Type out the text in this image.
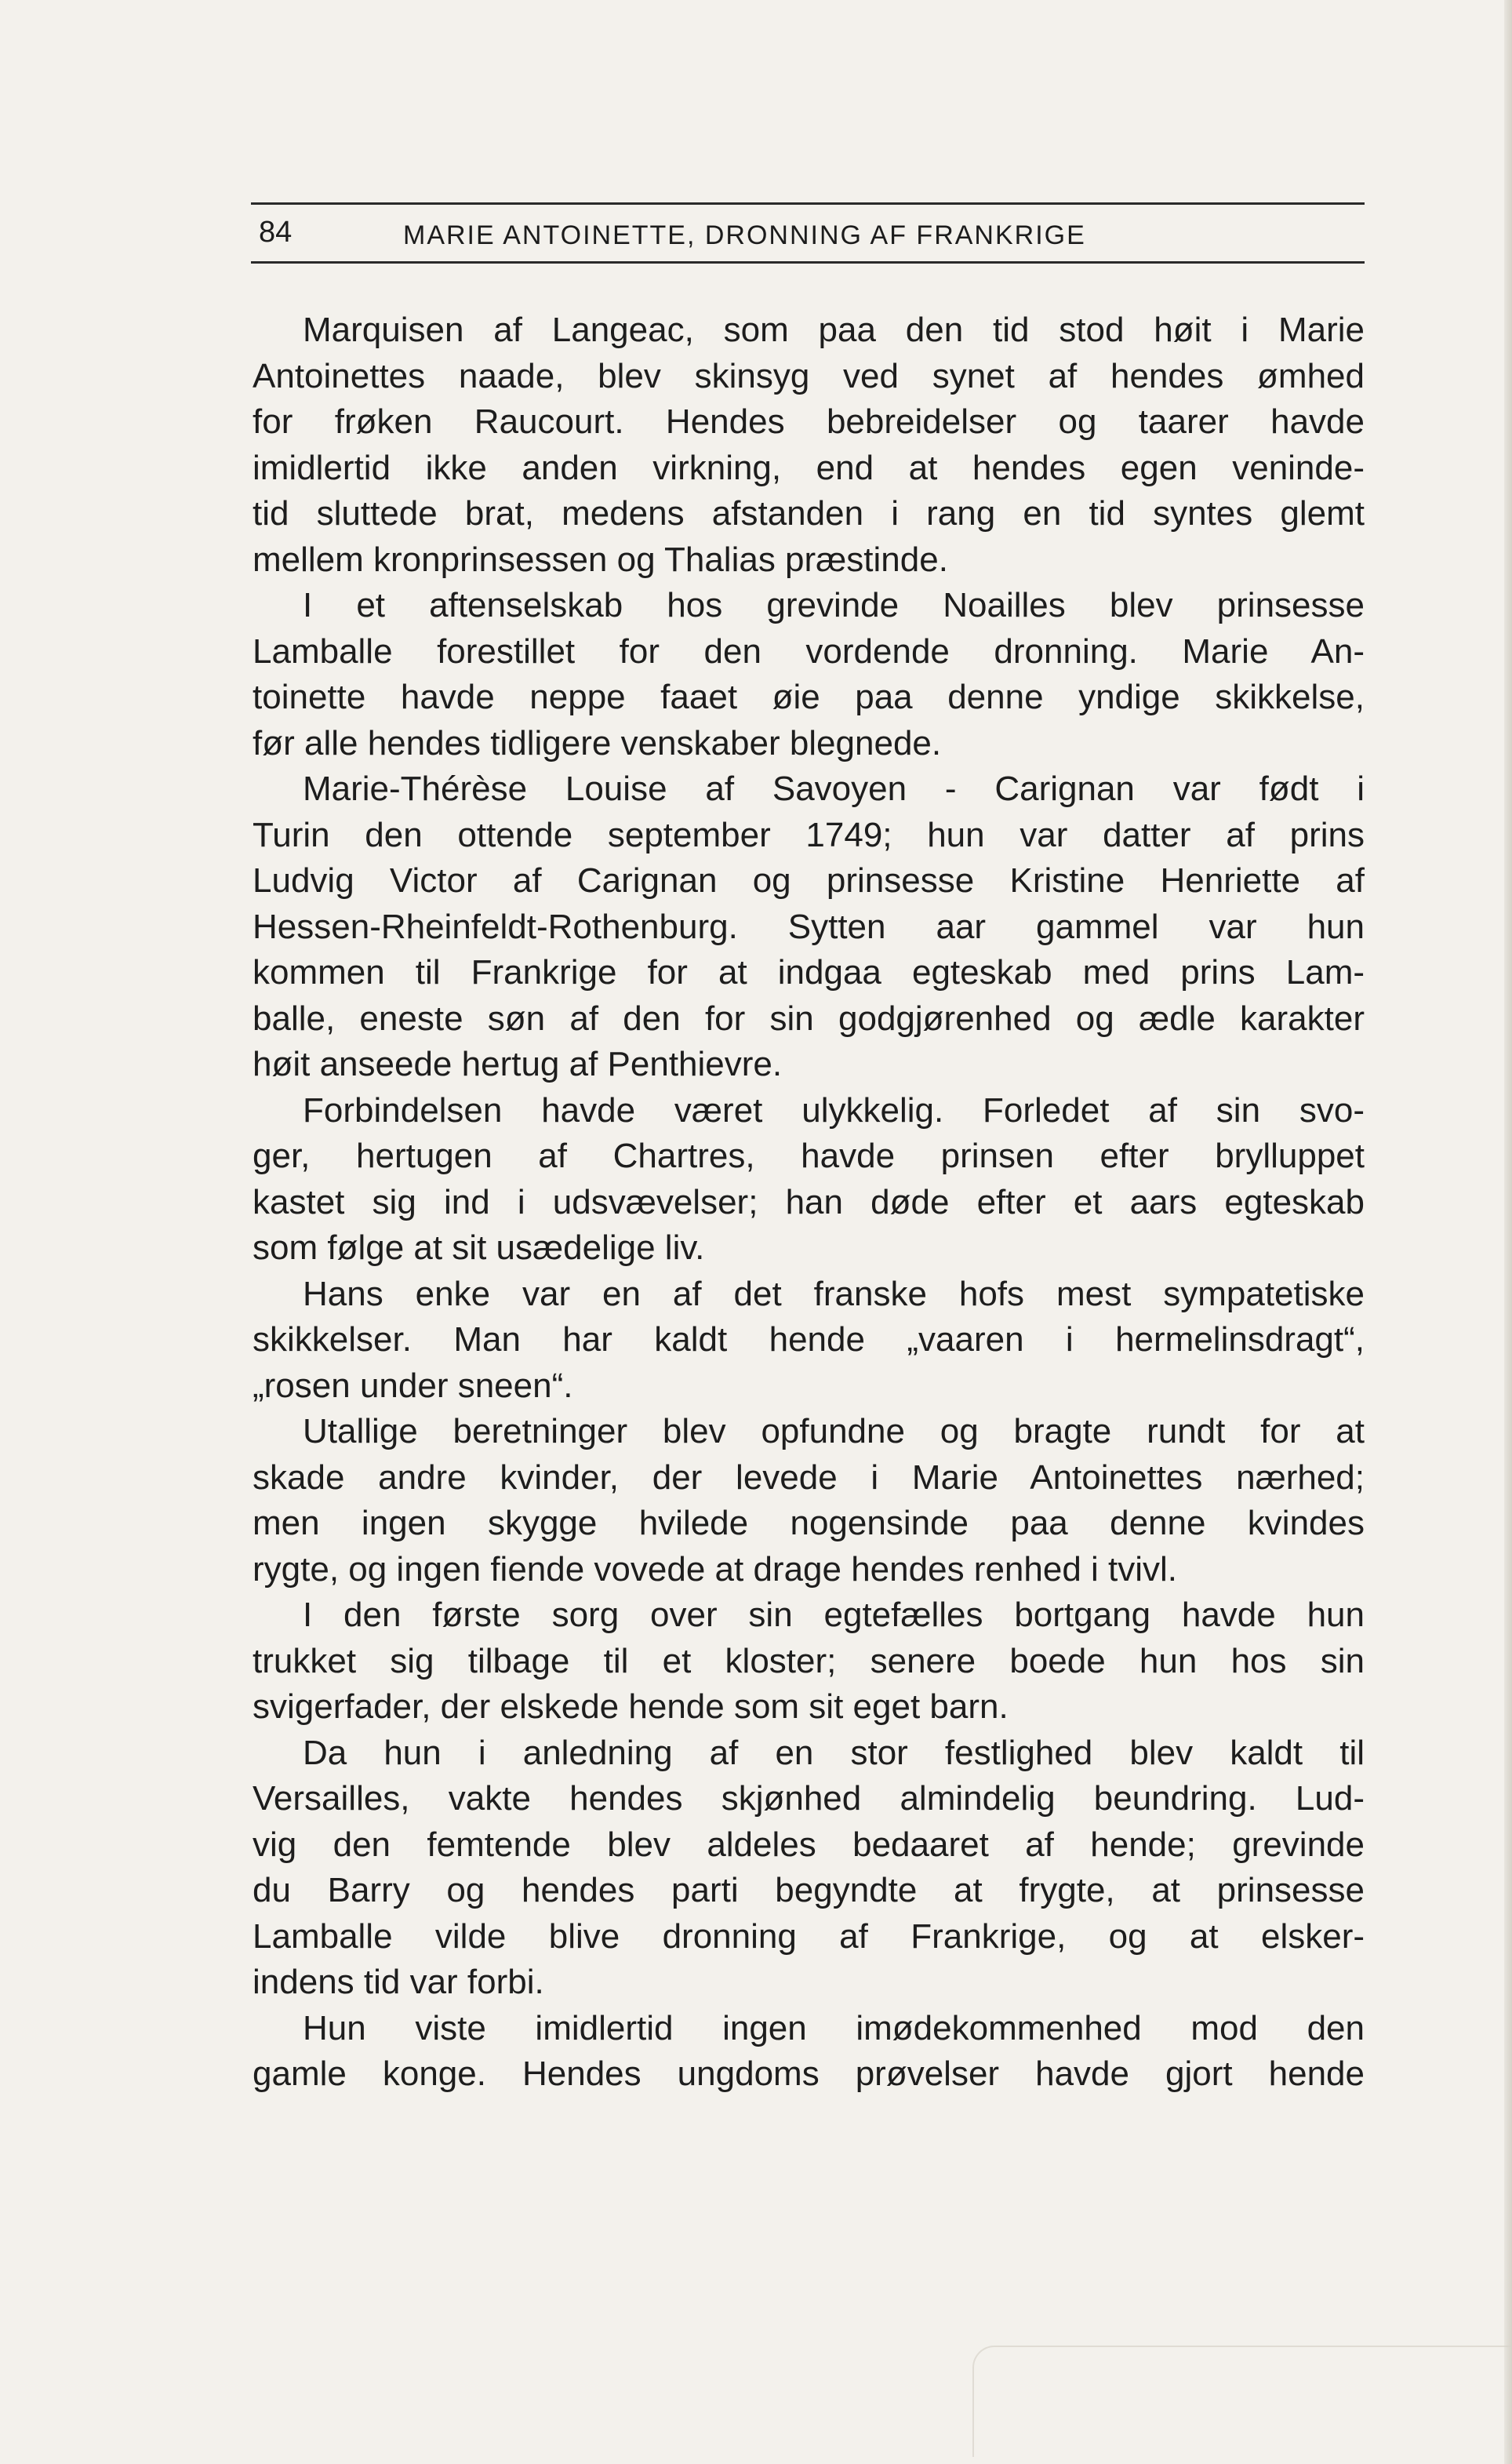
84	MARIE ANTOINETTE, DRONNING AF FRANKRIGE
Marquisen af Langeac, som paa den tid stod høit i Marie
Antoinettes naade, blev skinsyg ved synet af hendes ømhed
for frøken Raucourt. Hendes bebreidelser og taarer havde
imidlertid ikke anden virkning, end at hendes egen veninde-
tid sluttede brat, medens afstanden i rang en tid syntes glemt
mellem kronprinsessen og Thalias præstinde.
I et aftenselskab hos grevinde Noailles blev prinsesse
Lamballe forestillet for den vordende dronning. Marie An-
toinette havde neppe faaet øie paa denne yndige skikkelse,
før alle hendes tidligere venskaber blegnede.
Marie-Thérèse Louise af Savoyen - Carignan var født i
Turin den ottende september 1749; hun var datter af prins
Ludvig Victor af Carignan og prinsesse Kristine Henriette af
Hessen-Rheinfeldt-Rothenburg. Sytten aar gammel var hun
kommen til Frankrige for at indgaa egteskab med prins Lam-
balle, eneste søn af den for sin godgjørenhed og ædle karakter
høit anseede hertug af Penthievre.
Forbindelsen havde været ulykkelig. Forledet af sin svo-
ger, hertugen af Chartres, havde prinsen efter brylluppet
kastet sig ind i udsvævelser; han døde efter et aars egteskab
som følge at sit usædelige liv.
Hans enke var en af det franske hofs mest sympatetiske
skikkelser. Man har kaldt hende „vaaren i hermelinsdragt“,
„rosen under sneen“.
Utallige beretninger blev opfundne og bragte rundt for at
skade andre kvinder, der levede i Marie Antoinettes nærhed;
men ingen skygge hvilede nogensinde paa denne kvindes
rygte, og ingen fiende vovede at drage hendes renhed i tvivl.
I den første sorg over sin egtefælles bortgang havde hun
trukket sig tilbage til et kloster; senere boede hun hos sin
svigerfader, der elskede hende som sit eget barn.
Da hun i anledning af en stor festlighed blev kaldt til
Versailles, vakte hendes skjønhed almindelig beundring. Lud-
vig den femtende blev aldeles bedaaret af hende; grevinde
du Barry og hendes parti begyndte at frygte, at prinsesse
Lamballe vilde blive dronning af Frankrige, og at elsker-
indens tid var forbi.
Hun viste imidlertid ingen imødekommenhed mod den
gamle konge. Hendes ungdoms prøvelser havde gjort hende
